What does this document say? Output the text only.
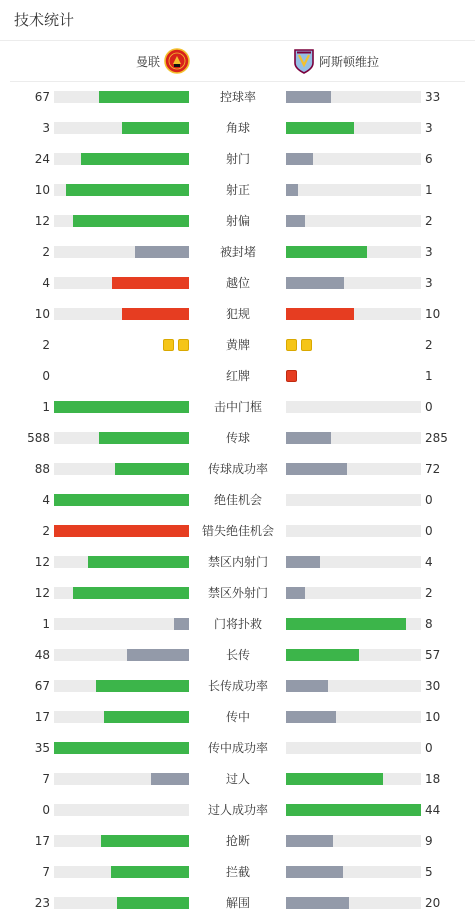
技术统计
曼联	阿斯顿维拉
67	控球率	33
3	角球	3
24	射门	6
10	射正	1
12	射偏	2
2	被封堵	3
4	越位	3
10	犯规	10
2	黄牌	2
0	红牌	1
1	击中门框	0
588	传球	285
88	传球成功率	72
4	绝佳机会	0
2	错失绝佳机会	0
12	禁区内射门	4
12	禁区外射门	2
1	门将扑救	8
48	长传	57
67	长传成功率	30
17	传中	10
35	传中成功率	0
7	过人	18
0	过人成功率	44
17	抢断	9
7	拦截	5
23	解围	20
